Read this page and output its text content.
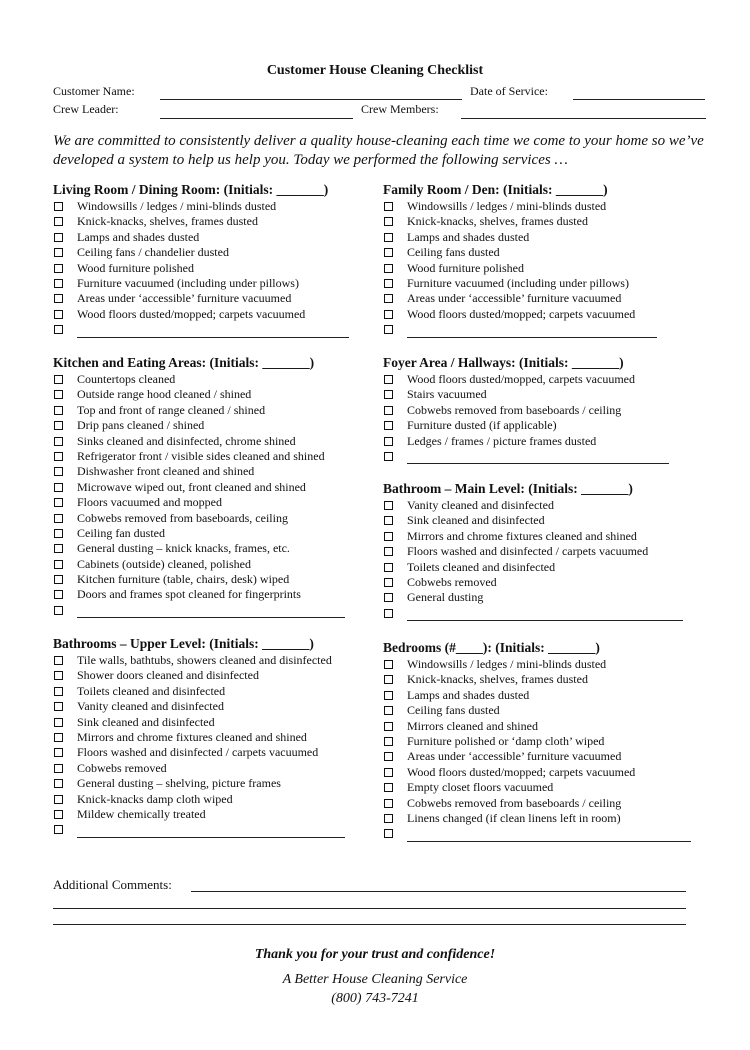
Customer House Cleaning Checklist
Customer Name:	Date of Service:
Crew Leader:	Crew Members:
We are committed to consistently deliver a quality house-cleaning each time we come to your home so we’ve developed a system to help us help you. Today we performed the following services …
Living Room / Dining Room: (Initials: _______)
Windowsills / ledges / mini-blinds dusted
Knick-knacks, shelves, frames dusted
Lamps and shades dusted
Ceiling fans / chandelier dusted
Wood furniture polished
Furniture vacuumed (including under pillows)
Areas under ‘accessible’ furniture vacuumed
Wood floors dusted/mopped; carpets vacuumed
Kitchen and Eating Areas: (Initials: _______)
Countertops cleaned
Outside range hood cleaned / shined
Top and front of range cleaned / shined
Drip pans cleaned / shined
Sinks cleaned and disinfected, chrome shined
Refrigerator front / visible sides cleaned and shined
Dishwasher front cleaned and shined
Microwave wiped out, front cleaned and shined
Floors vacuumed and mopped
Cobwebs removed from baseboards, ceiling
Ceiling fan dusted
General dusting – knick knacks, frames, etc.
Cabinets (outside) cleaned, polished
Kitchen furniture (table, chairs, desk) wiped
Doors and frames spot cleaned for fingerprints
Bathrooms – Upper Level: (Initials: _______)
Tile walls, bathtubs, showers cleaned and disinfected
Shower doors cleaned and disinfected
Toilets cleaned and disinfected
Vanity cleaned and disinfected
Sink cleaned and disinfected
Mirrors and chrome fixtures cleaned and shined
Floors washed and disinfected / carpets vacuumed
Cobwebs removed
General dusting – shelving, picture frames
Knick-knacks damp cloth wiped
Mildew chemically treated
Family Room / Den: (Initials: _______)
Windowsills / ledges / mini-blinds dusted
Knick-knacks, shelves, frames dusted
Lamps and shades dusted
Ceiling fans dusted
Wood furniture polished
Furniture vacuumed (including under pillows)
Areas under ‘accessible’ furniture vacuumed
Wood floors dusted/mopped; carpets vacuumed
Foyer Area / Hallways: (Initials: _______)
Wood floors dusted/mopped, carpets vacuumed
Stairs vacuumed
Cobwebs removed from baseboards / ceiling
Furniture dusted (if applicable)
Ledges / frames / picture frames dusted
Bathroom – Main Level: (Initials: _______)
Vanity cleaned and disinfected
Sink cleaned and disinfected
Mirrors and chrome fixtures cleaned and shined
Floors washed and disinfected / carpets vacuumed
Toilets cleaned and disinfected
Cobwebs removed
General dusting
Bedrooms (#____): (Initials: _______)
Windowsills / ledges / mini-blinds dusted
Knick-knacks, shelves, frames dusted
Lamps and shades dusted
Ceiling fans dusted
Mirrors cleaned and shined
Furniture polished or ‘damp cloth’ wiped
Areas under ‘accessible’ furniture vacuumed
Wood floors dusted/mopped; carpets vacuumed
Empty closet floors vacuumed
Cobwebs removed from baseboards / ceiling
Linens changed (if clean linens left in room)
Additional Comments:
Thank you for your trust and confidence!
A Better House Cleaning Service
(800) 743-7241
